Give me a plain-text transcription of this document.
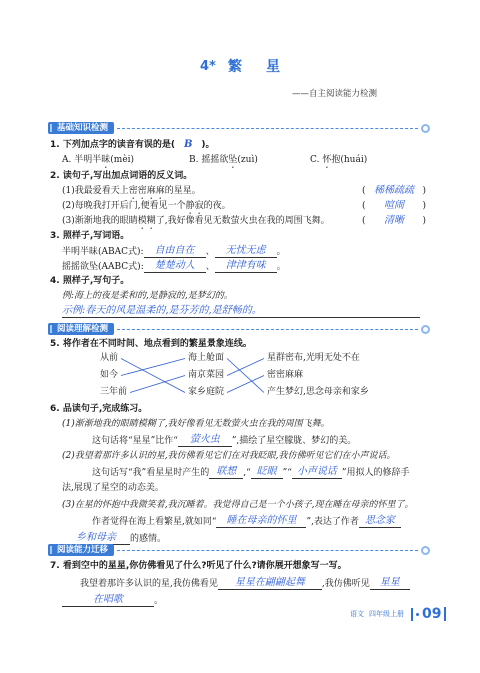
4* 繁 星
——自主阅读能力检测
基础知识检测
1. 下列加点字的读音有误的是( B )。
A. 半明半昧(mèi)	B. 摇摇欲坠(zuì)	C. 怀抱(huái)
2. 读句子,写出加点词语的反义词。
(1)我最爱看天上密密麻麻的星星。	( 稀稀疏疏 )
(2)每晚我打开后门,便看见一个静寂的夜。	( 喧闹 )
(3)渐渐地我的眼睛模糊了,我好像看见无数萤火虫在我的周围飞舞。	( 清晰 )
3. 照样子,写词语。
半明半昧(ABAC式): 自由自在 、 无忧无虑 。
摇摇欲坠(AABC式): 楚楚动人 、 津津有味 。
4. 照样子,写句子。
例:海上的夜是柔和的,是静寂的,是梦幻的。
示例:春天的风是温柔的,是芬芳的,是舒畅的。
阅读理解检测
5. 将作者在不同时间、地点看到的繁星景象连线。
从前
如今
三年前
海上舱面
南京菜园
家乡庭院
星群密布,光明无处不在
密密麻麻
产生梦幻,思念母亲和家乡
6. 品读句子,完成练习。
(1)渐渐地我的眼睛模糊了,我好像看见无数萤火虫在我的周围飞舞。
这句话将“星星”比作“ 萤火虫 ”,描绘了星空朦胧、梦幻的美。
(2)我望着那许多认识的星,我仿佛看见它们在对我眨眼,我仿佛听见它们在小声说话。
这句话写“我”看星星时产生的 联想 ,“ 眨眼 ”“ 小声说话 ”用拟人的修辞手
法,展现了星空的动态美。
(3)在星的怀抱中我微笑着,我沉睡着。我觉得自己是一个小孩子,现在睡在母亲的怀里了。
作者觉得在海上看繁星,就如同“ 睡在母亲的怀里 ”,表达了作者 思念家
乡和母亲 的感情。
阅读能力迁移
7. 看到空中的星星,你仿佛看见了什么?听见了什么?请你展开想象写一写。
我望着那许多认识的星,我仿佛看见 星星在翩翩起舞 ,我仿佛听见 星星
在唱歌	。
语文 四年级上册 09
